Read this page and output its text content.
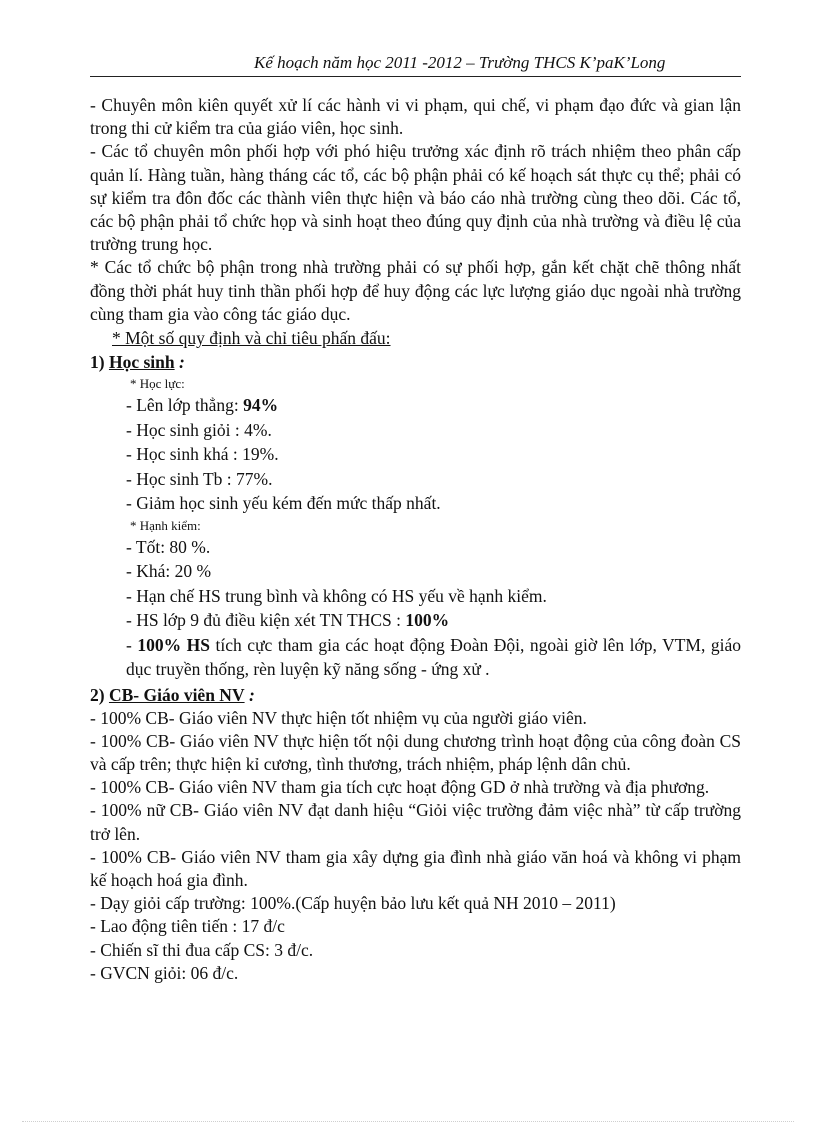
Kế hoạch năm học 2011 -2012 – Trường THCS K’paK’Long

- Chuyên môn kiên quyết xử lí các hành vi vi phạm, qui chế, vi phạm đạo đức và gian lận trong thi cử kiểm tra của giáo viên, học sinh.

- Các tổ chuyên môn phối hợp với phó hiệu trưởng xác định rõ trách nhiệm theo phân cấp quản lí. Hàng tuần, hàng tháng các tổ, các bộ phận phải có kế hoạch sát thực cụ thể; phải có sự kiểm tra đôn đốc các thành viên thực hiện và báo cáo nhà trường cùng theo dõi. Các tổ, các bộ phận phải tổ chức họp và sinh hoạt theo đúng quy định của nhà trường và điều lệ của trường trung học.

* Các tổ chức bộ phận trong nhà trường phải có sự phối hợp, gắn kết chặt chẽ thông nhất đồng thời phát huy tinh thần phối hợp để huy động các lực lượng giáo dục ngoài nhà trường cùng tham gia vào công tác giáo dục.

* Một số quy định và chỉ tiêu phấn đấu:

1) Học sinh :

* Học lực:

- Lên lớp thẳng: 94%

- Học sinh giỏi : 4%.

- Học sinh khá : 19%.

- Học sinh Tb : 77%.

- Giảm học sinh yếu kém đến mức thấp nhất.

* Hạnh kiểm:

- Tốt: 80 %.

- Khá: 20 %

- Hạn chế HS trung bình và không có HS yếu về hạnh kiểm.

- HS lớp 9 đủ điều kiện xét TN THCS : 100%

- 100% HS tích cực tham gia các hoạt động Đoàn Đội, ngoài giờ lên lớp, VTM, giáo dục truyền thống, rèn luyện kỹ năng sống - ứng xử .

2) CB- Giáo viên NV :

- 100% CB- Giáo viên NV thực hiện tốt nhiệm vụ của người giáo viên.

- 100% CB- Giáo viên NV thực hiện tốt nội dung chương trình hoạt động của công đoàn CS và cấp trên; thực hiện kỉ cương, tình thương, trách nhiệm, pháp lệnh dân chủ.

- 100% CB- Giáo viên NV tham gia tích cực hoạt động GD ở nhà trường và địa phương.

- 100% nữ CB- Giáo viên NV đạt danh hiệu “Giỏi việc trường đảm việc nhà” từ cấp trường trở lên.

- 100% CB- Giáo viên NV tham gia xây dựng gia đình nhà giáo văn hoá và không vi phạm kế hoạch hoá gia đình.

- Dạy giỏi cấp trường: 100%.(Cấp huyện bảo lưu kết quả NH 2010 – 2011)

- Lao động tiên tiến : 17 đ/c

- Chiến sĩ thi đua cấp CS: 3 đ/c.

- GVCN giỏi: 06 đ/c.
